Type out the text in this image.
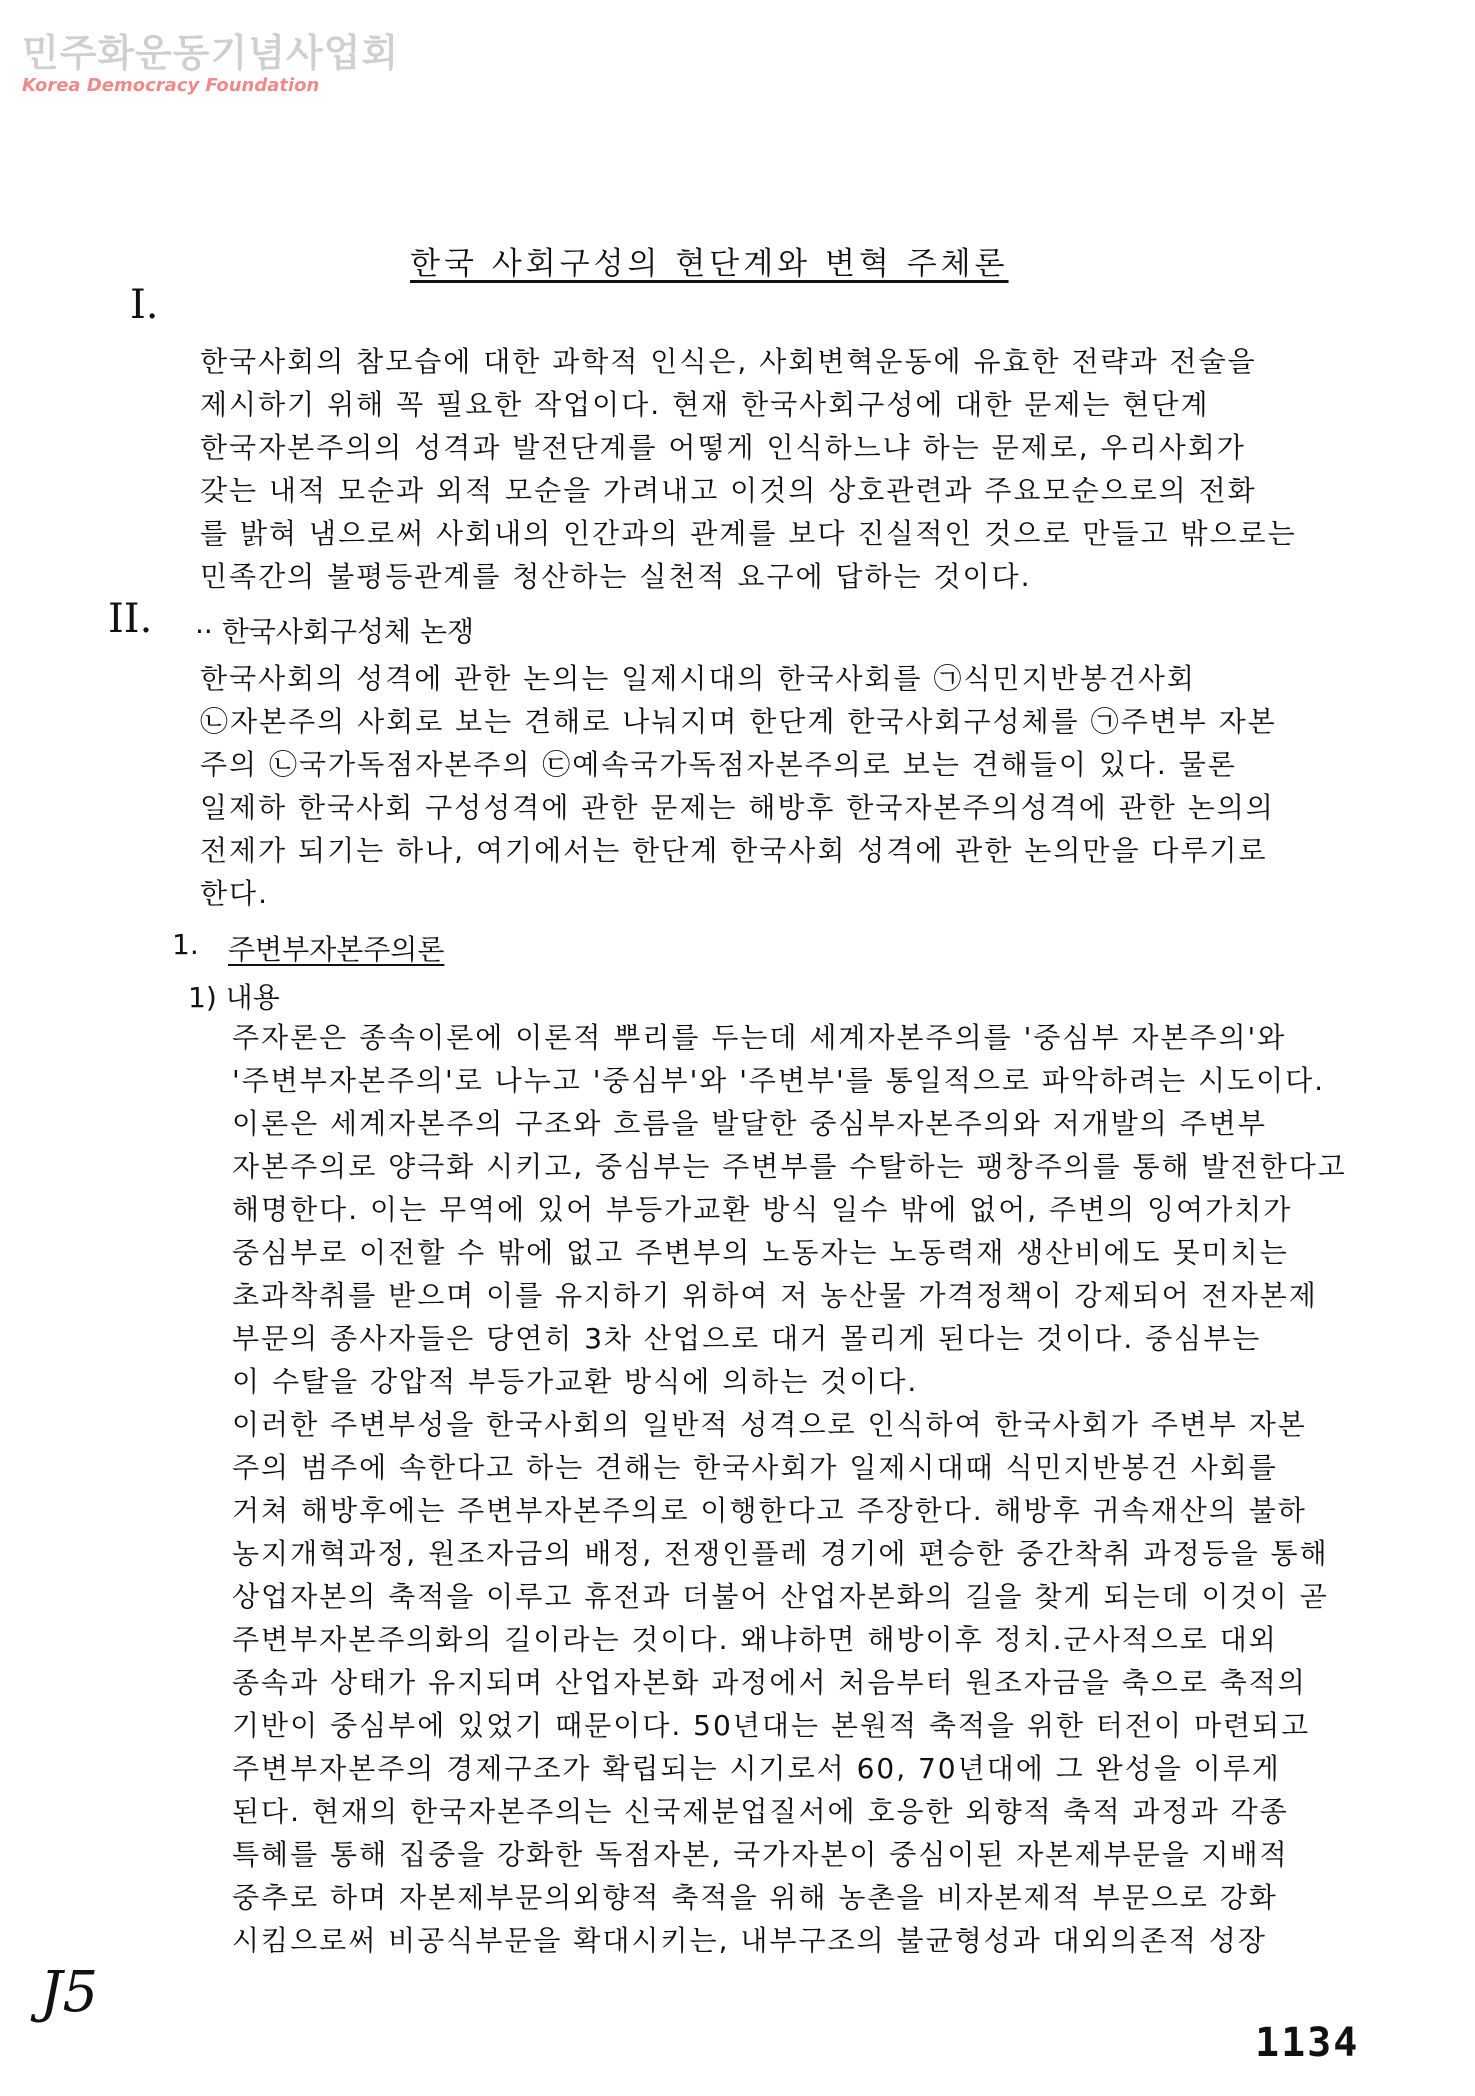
민주화운동기념사업회
Korea Democracy Foundation
한국 사회구성의 현단계와 변혁 주체론
I.
한국사회의 참모습에 대한 과학적 인식은, 사회변혁운동에 유효한 전략과 전술을
제시하기 위해 꼭 필요한 작업이다. 현재 한국사회구성에 대한 문제는 현단계
한국자본주의의 성격과 발전단계를 어떻게 인식하느냐 하는 문제로, 우리사회가
갖는 내적 모순과 외적 모순을 가려내고 이것의 상호관련과 주요모순으로의 전화
를 밝혀 냄으로써 사회내의 인간과의 관계를 보다 진실적인 것으로 만들고 밖으로는
민족간의 불평등관계를 청산하는 실천적 요구에 답하는 것이다.
II. ·· 한국사회구성체 논쟁
한국사회의 성격에 관한 논의는 일제시대의 한국사회를 ㉠식민지반봉건사회
㉡자본주의 사회로 보는 견해로 나눠지며 한단계 한국사회구성체를 ㉠주변부 자본
주의 ㉡국가독점자본주의 ㉢예속국가독점자본주의로 보는 견해들이 있다. 물론
일제하 한국사회 구성성격에 관한 문제는 해방후 한국자본주의성격에 관한 논의의
전제가 되기는 하나, 여기에서는 한단계 한국사회 성격에 관한 논의만을 다루기로
한다.
1. 주변부자본주의론
1) 내용
주자론은 종속이론에 이론적 뿌리를 두는데 세계자본주의를 '중심부 자본주의'와
'주변부자본주의'로 나누고 '중심부'와 '주변부'를 통일적으로 파악하려는 시도이다.
이론은 세계자본주의 구조와 흐름을 발달한 중심부자본주의와 저개발의 주변부
자본주의로 양극화 시키고, 중심부는 주변부를 수탈하는 팽창주의를 통해 발전한다고
해명한다. 이는 무역에 있어 부등가교환 방식 일수 밖에 없어, 주변의 잉여가치가
중심부로 이전할 수 밖에 없고 주변부의 노동자는 노동력재 생산비에도 못미치는
초과착취를 받으며 이를 유지하기 위하여 저 농산물 가격정책이 강제되어 전자본제
부문의 종사자들은 당연히 3차 산업으로 대거 몰리게 된다는 것이다. 중심부는
이 수탈을 강압적 부등가교환 방식에 의하는 것이다.
이러한 주변부성을 한국사회의 일반적 성격으로 인식하여 한국사회가 주변부 자본
주의 범주에 속한다고 하는 견해는 한국사회가 일제시대때 식민지반봉건 사회를
거쳐 해방후에는 주변부자본주의로 이행한다고 주장한다. 해방후 귀속재산의 불하
농지개혁과정, 원조자금의 배정, 전쟁인플레 경기에 편승한 중간착취 과정등을 통해
상업자본의 축적을 이루고 휴전과 더불어 산업자본화의 길을 찾게 되는데 이것이 곧
주변부자본주의화의 길이라는 것이다. 왜냐하면 해방이후 정치.군사적으로 대외
종속과 상태가 유지되며 산업자본화 과정에서 처음부터 원조자금을 축으로 축적의
기반이 중심부에 있었기 때문이다. 50년대는 본원적 축적을 위한 터전이 마련되고
주변부자본주의 경제구조가 확립되는 시기로서 60, 70년대에 그 완성을 이루게
된다. 현재의 한국자본주의는 신국제분업질서에 호응한 외향적 축적 과정과 각종
특혜를 통해 집중을 강화한 독점자본, 국가자본이 중심이된 자본제부문을 지배적
중추로 하며 자본제부문의외향적 축적을 위해 농촌을 비자본제적 부문으로 강화
시킴으로써 비공식부문을 확대시키는, 내부구조의 불균형성과 대외의존적 성장
J5
1134
